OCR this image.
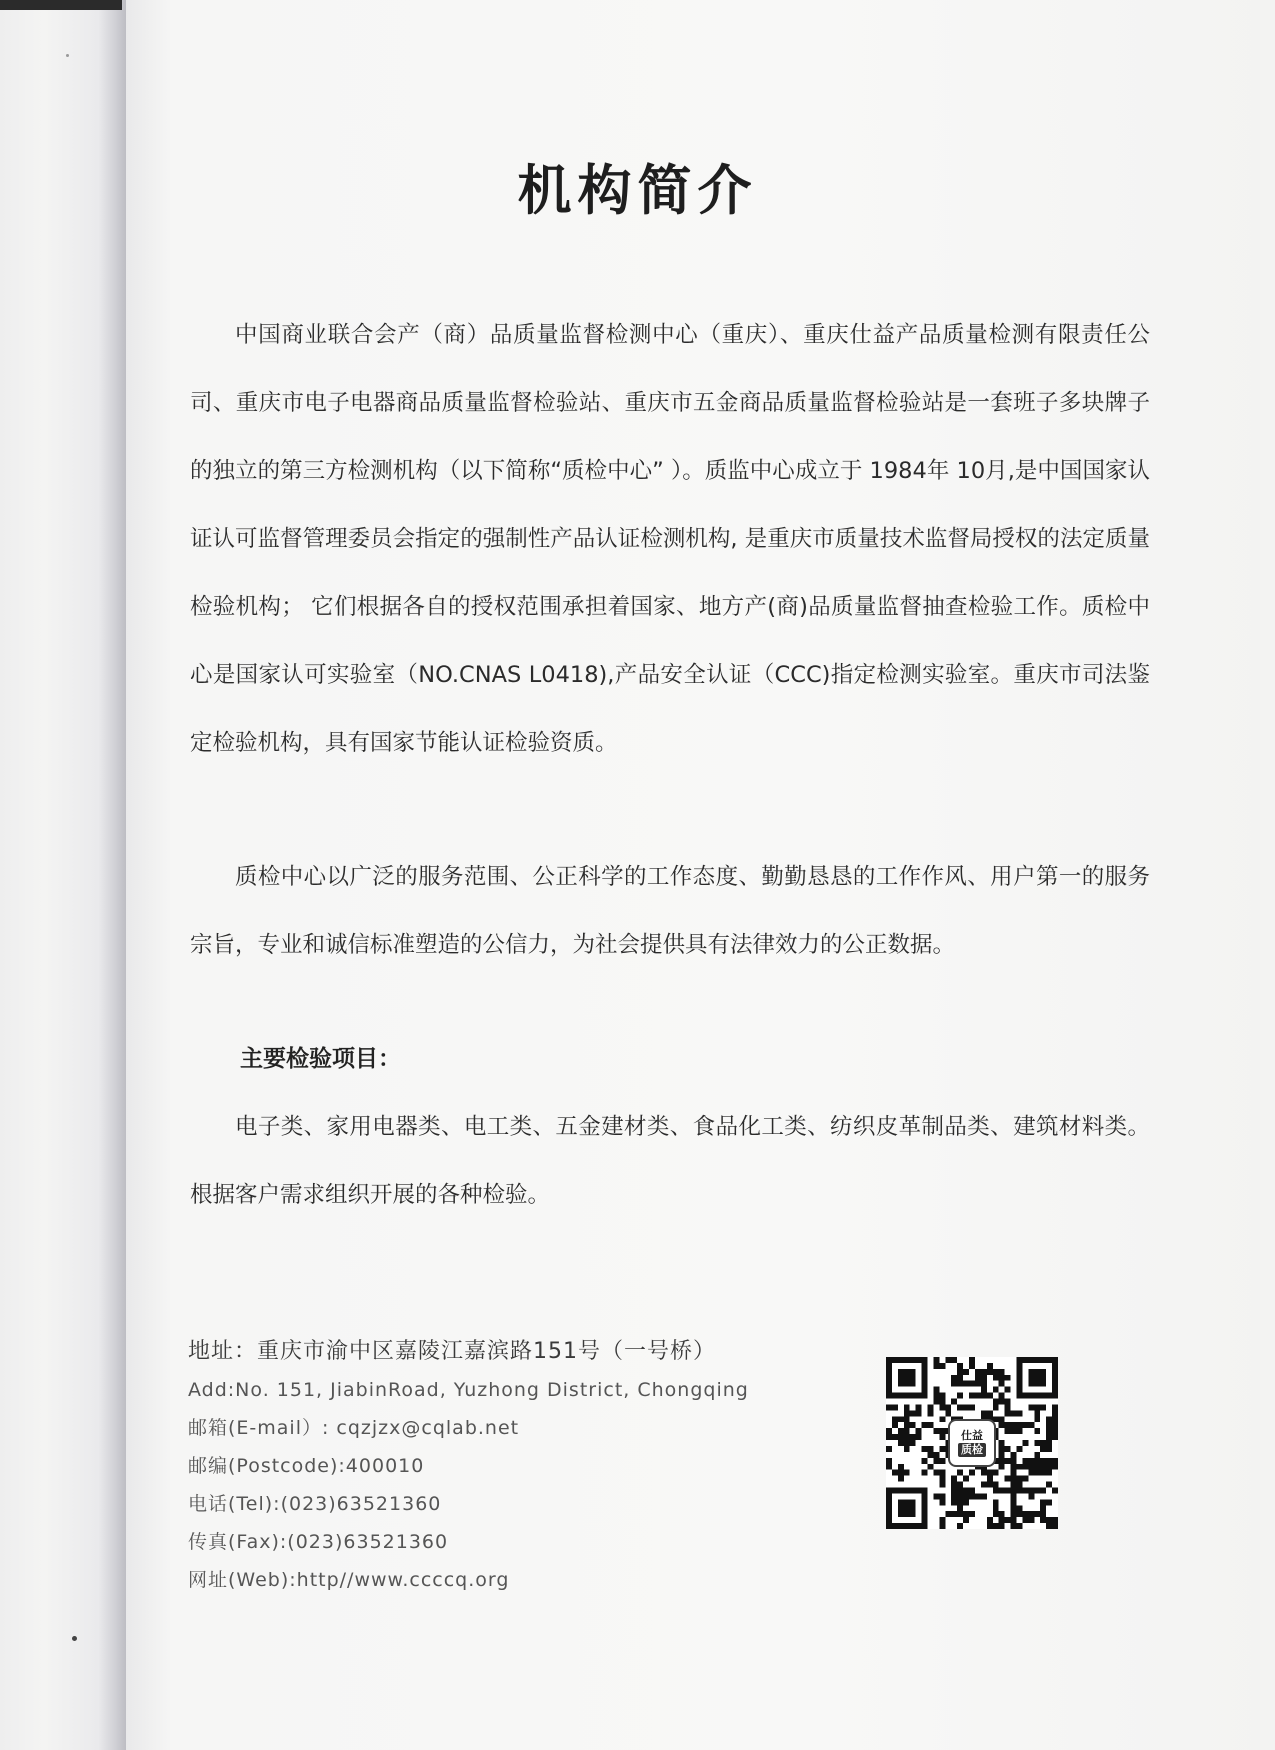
机构简介

中国商业联合会产（商）品质量监督检测中心（重庆）、重庆仕益产品质量检测有限责任公司、重庆市电子电器商品质量监督检验站、重庆市五金商品质量监督检验站是一套班子多块牌子 的独立的第三方检测机构（以下简称“质检中心” ）。质监中心成立于 1984年 10月,是中国国家认证认可监督管理委员会指定的强制性产品认证检测机构, 是重庆市质量技术监督局授权的法定质量检验机构； 它们根据各自的授权范围承担着国家、地方产(商)品质量监督抽查检验工作。质检中心是国家认可实验室（NO.CNAS L0418),产品安全认证（CCC)指定检测实验室。重庆市司法鉴定检验机构，具有国家节能认证检验资质。

质检中心以广泛的服务范围、公正科学的工作态度、勤勤恳恳的工作作风、用户第一的服务宗旨，专业和诚信标准塑造的公信力，为社会提供具有法律效力的公正数据。

主要检验项目：

电子类、家用电器类、电工类、五金建材类、食品化工类、纺织皮革制品类、建筑材料类。根据客户需求组织开展的各种检验。

地址：重庆市渝中区嘉陵江嘉滨路151号（一号桥）
Add:No. 151, JiabinRoad, Yuzhong District, Chongqing
邮箱(E-mail）: cqzjzx@cqlab.net
邮编(Postcode):400010
电话(Tel):(023)63521360
传真(Fax):(023)63521360
网址(Web):http//www.ccccq.org
仕益
质检
